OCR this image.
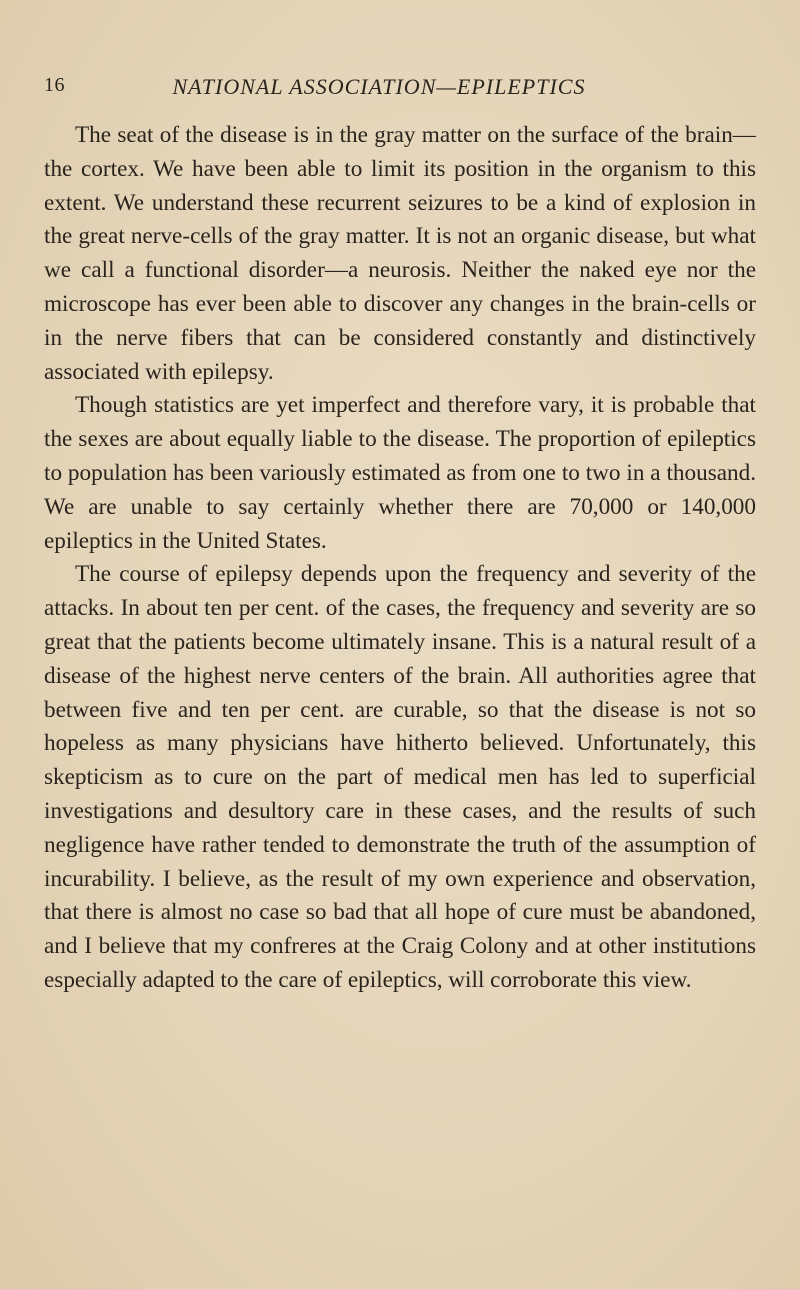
16	NATIONAL ASSOCIATION—EPILEPTICS

The seat of the disease is in the gray matter on the surface of the brain—the cortex. We have been able to limit its position in the organism to this extent. We understand these recurrent seizures to be a kind of explosion in the great nerve-cells of the gray matter. It is not an organic disease, but what we call a functional disorder—a neurosis. Neither the naked eye nor the microscope has ever been able to discover any changes in the brain-cells or in the nerve fibers that can be considered constantly and distinctively associated with epilepsy.

Though statistics are yet imperfect and therefore vary, it is probable that the sexes are about equally liable to the disease. The proportion of epileptics to population has been variously estimated as from one to two in a thousand. We are unable to say certainly whether there are 70,000 or 140,000 epileptics in the United States.

The course of epilepsy depends upon the frequency and severity of the attacks. In about ten per cent. of the cases, the frequency and severity are so great that the patients become ultimately insane. This is a natural result of a disease of the highest nerve centers of the brain. All authorities agree that between five and ten per cent. are curable, so that the disease is not so hopeless as many physicians have hitherto believed. Unfortunately, this skepticism as to cure on the part of medical men has led to superficial investigations and desultory care in these cases, and the results of such negligence have rather tended to demonstrate the truth of the assumption of incurability. I believe, as the result of my own experience and observation, that there is almost no case so bad that all hope of cure must be abandoned, and I believe that my confreres at the Craig Colony and at other institutions especially adapted to the care of epileptics, will corroborate this view.
